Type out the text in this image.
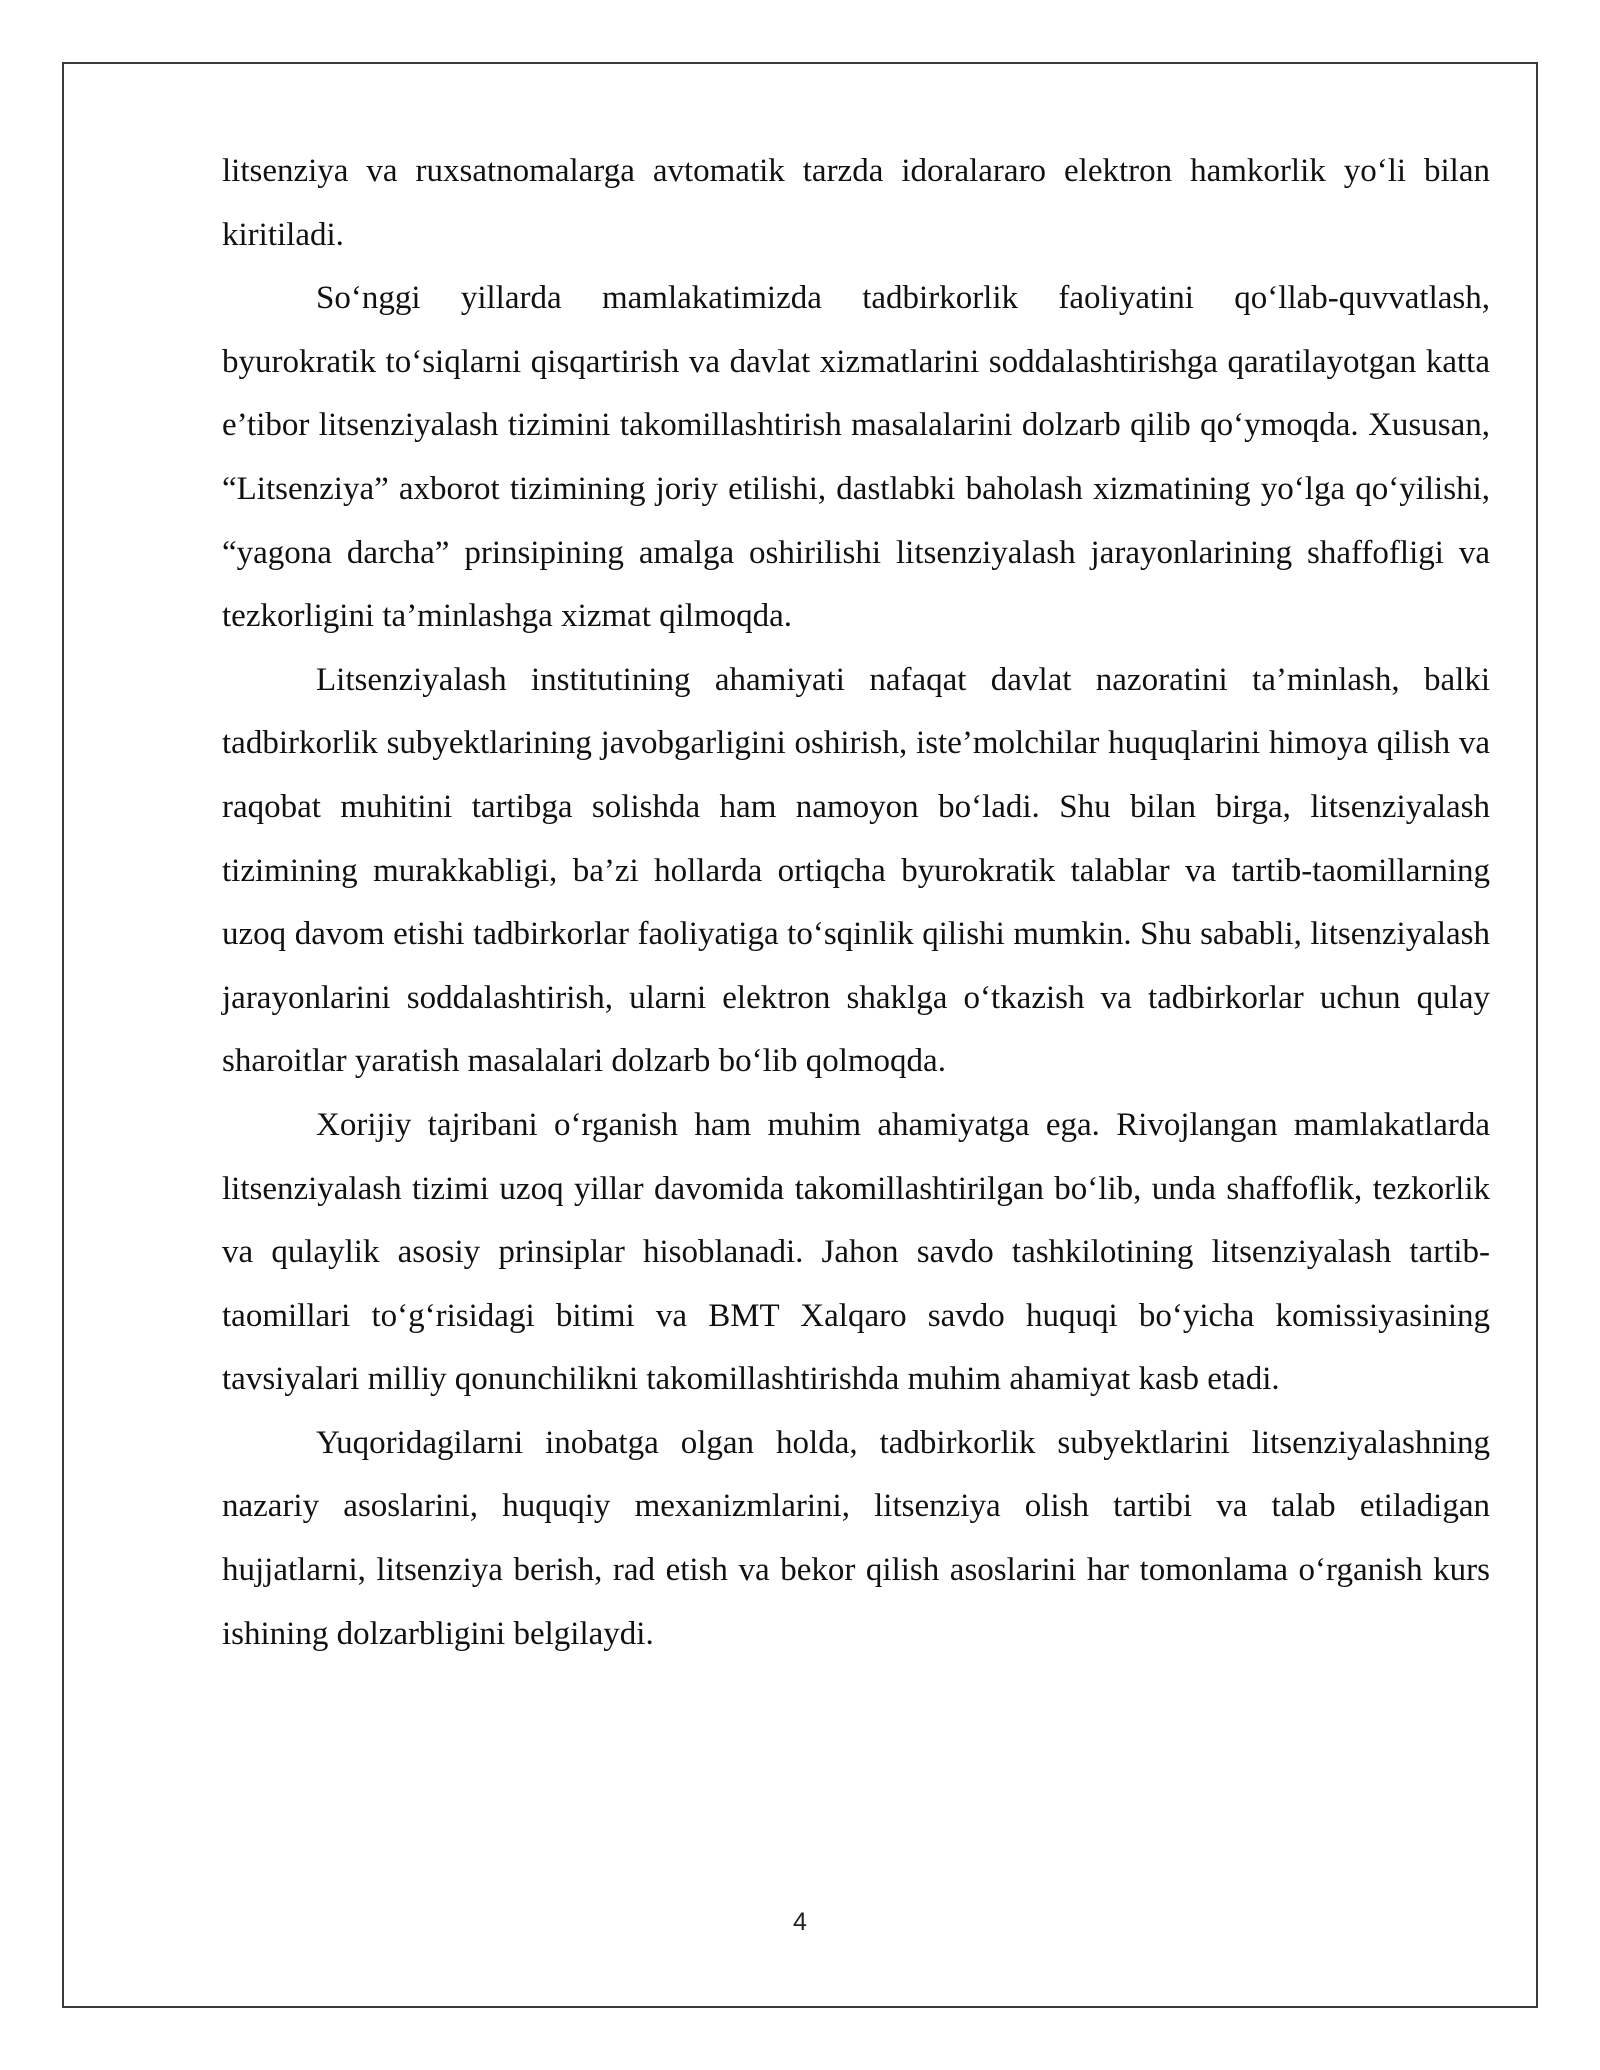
litsenziya va ruxsatnomalarga avtomatik tarzda idoralararo elektron hamkorlik yo‘li bilan kiritiladi.

So‘nggi yillarda mamlakatimizda tadbirkorlik faoliyatini qo‘llab-quvvatlash, byurokratik to‘siqlarni qisqartirish va davlat xizmatlarini soddalashtirishga qaratilayotgan katta e’tibor litsenziyalash tizimini takomillashtirish masalalarini dolzarb qilib qo‘ymoqda. Xususan, “Litsenziya” axborot tizimining joriy etilishi, dastlabki baholash xizmatining yo‘lga qo‘yilishi, “yagona darcha” prinsipining amalga oshirilishi litsenziyalash jarayonlarining shaffofligi va tezkorligini ta’minlashga xizmat qilmoqda.

Litsenziyalash institutining ahamiyati nafaqat davlat nazoratini ta’minlash, balki tadbirkorlik subyektlarining javobgarligini oshirish, iste’molchilar huquqlarini himoya qilish va raqobat muhitini tartibga solishda ham namoyon bo‘ladi. Shu bilan birga, litsenziyalash tizimining murakkabligi, ba’zi hollarda ortiqcha byurokratik talablar va tartib-taomillarning uzoq davom etishi tadbirkorlar faoliyatiga to‘sqinlik qilishi mumkin. Shu sababli, litsenziyalash jarayonlarini soddalashtirish, ularni elektron shaklga o‘tkazish va tadbirkorlar uchun qulay sharoitlar yaratish masalalari dolzarb bo‘lib qolmoqda.

Xorijiy tajribani o‘rganish ham muhim ahamiyatga ega. Rivojlangan mamlakatlarda litsenziyalash tizimi uzoq yillar davomida takomillashtirilgan bo‘lib, unda shaffoflik, tezkorlik va qulaylik asosiy prinsiplar hisoblanadi. Jahon savdo tashkilotining litsenziyalash tartib-taomillari to‘g‘risidagi bitimi va BMT Xalqaro savdo huquqi bo‘yicha komissiyasining tavsiyalari milliy qonunchilikni takomillashtirishda muhim ahamiyat kasb etadi.

Yuqoridagilarni inobatga olgan holda, tadbirkorlik subyektlarini litsenziyalashning nazariy asoslarini, huquqiy mexanizmlarini, litsenziya olish tartibi va talab etiladigan hujjatlarni, litsenziya berish, rad etish va bekor qilish asoslarini har tomonlama o‘rganish kurs ishining dolzarbligini belgilaydi.

4
